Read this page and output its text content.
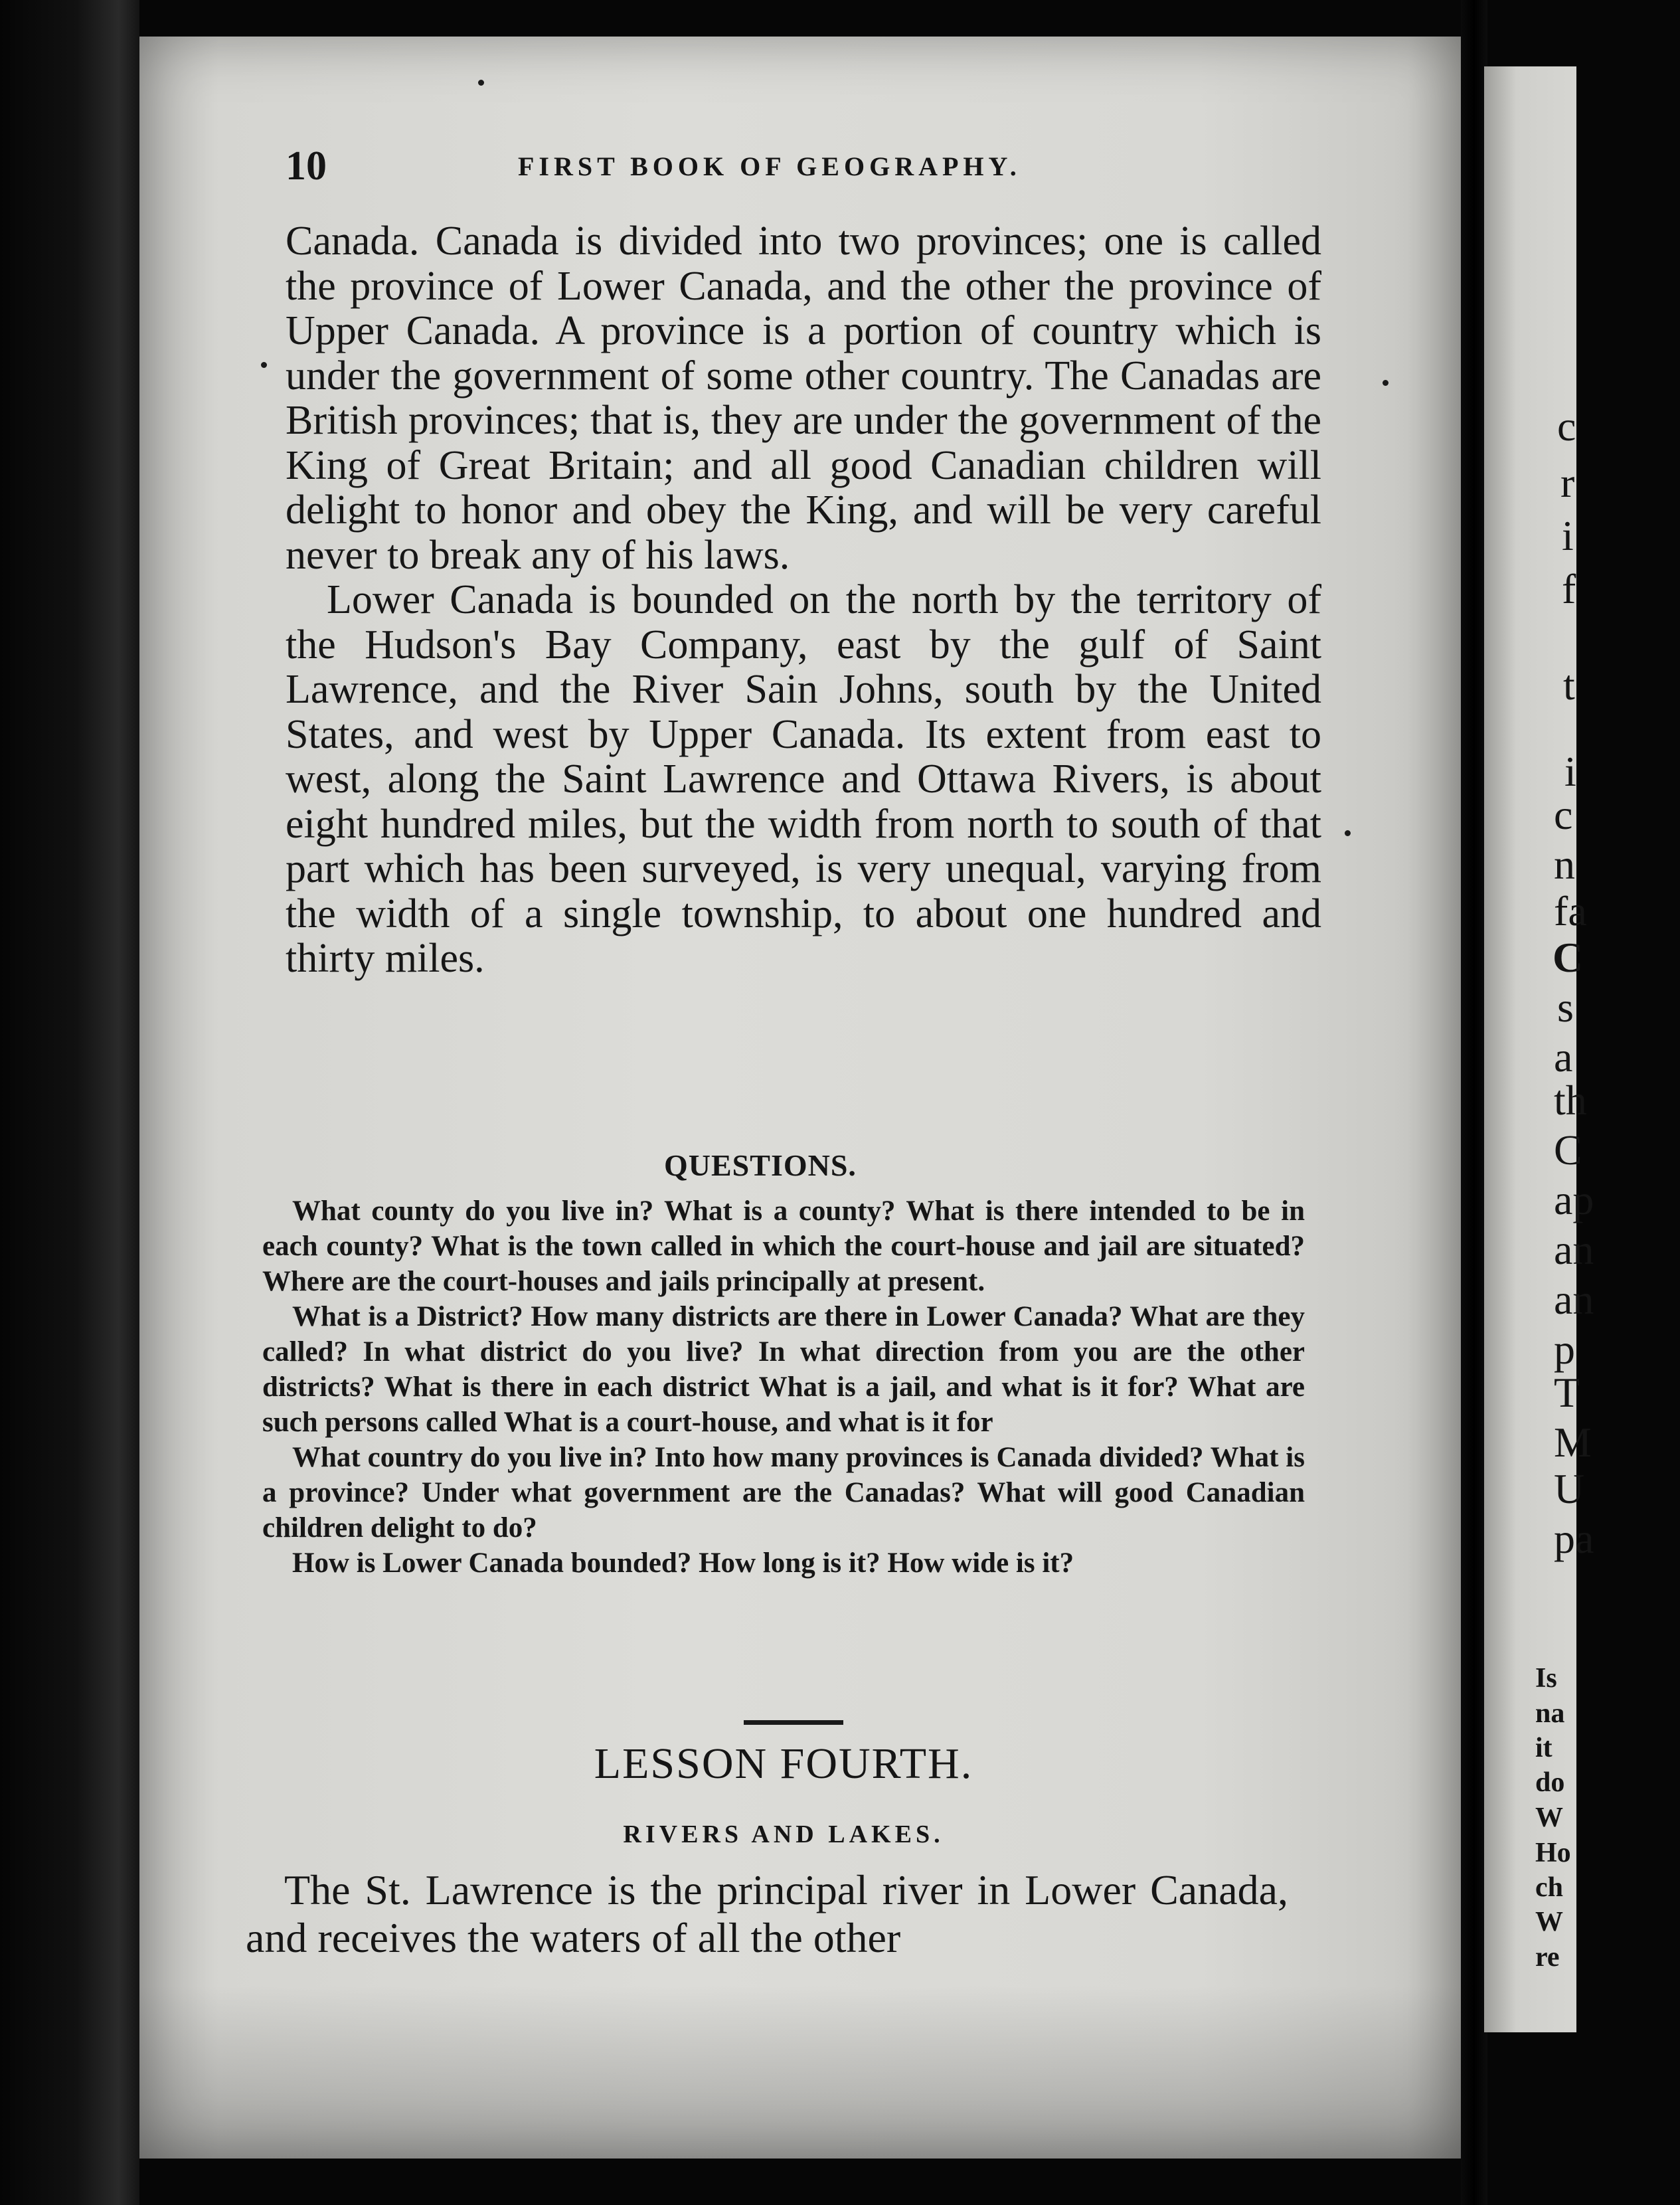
c
r
i
f
t
i
c
n
fa
C
s
a
th
C
ap
an
an
p
T
M
U
pa
Is
na
it
do
W
Ho
ch
W
re
10	FIRST BOOK OF GEOGRAPHY.

Canada. Canada is divided into two provinces; one is called the province of Lower Canada, and the other the province of Upper Canada. A province is a portion of country which is under the government of some other country. The Canadas are British provinces; that is, they are under the government of the King of Great Britain; and all good Canadian children will delight to honor and obey the King, and will be very careful never to break any of his laws.

Lower Canada is bounded on the north by the territory of the Hudson's Bay Company, east by the gulf of Saint Lawrence, and the River Sain Johns, south by the United States, and west by Upper Canada. Its extent from east to west, along the Saint Lawrence and Ottawa Rivers, is about eight hundred miles, but the width from north to south of that part which has been surveyed, is very unequal, varying from the width of a single township, to about one hundred and thirty miles.

QUESTIONS.

What county do you live in? What is a county? What is there intended to be in each county? What is the town called in which the court-house and jail are situated? Where are the court-houses and jails principally at present.

What is a District? How many districts are there in Lower Canada? What are they called? In what district do you live? In what direction from you are the other districts? What is there in each district What is a jail, and what is it for? What are such persons called What is a court-house, and what is it for

What country do you live in? Into how many provinces is Canada divided? What is a province? Under what government are the Canadas? What will good Canadian children delight to do?

How is Lower Canada bounded? How long is it? How wide is it?

LESSON FOURTH.
RIVERS AND LAKES.

The St. Lawrence is the principal river in Lower Canada, and receives the waters of all the other
